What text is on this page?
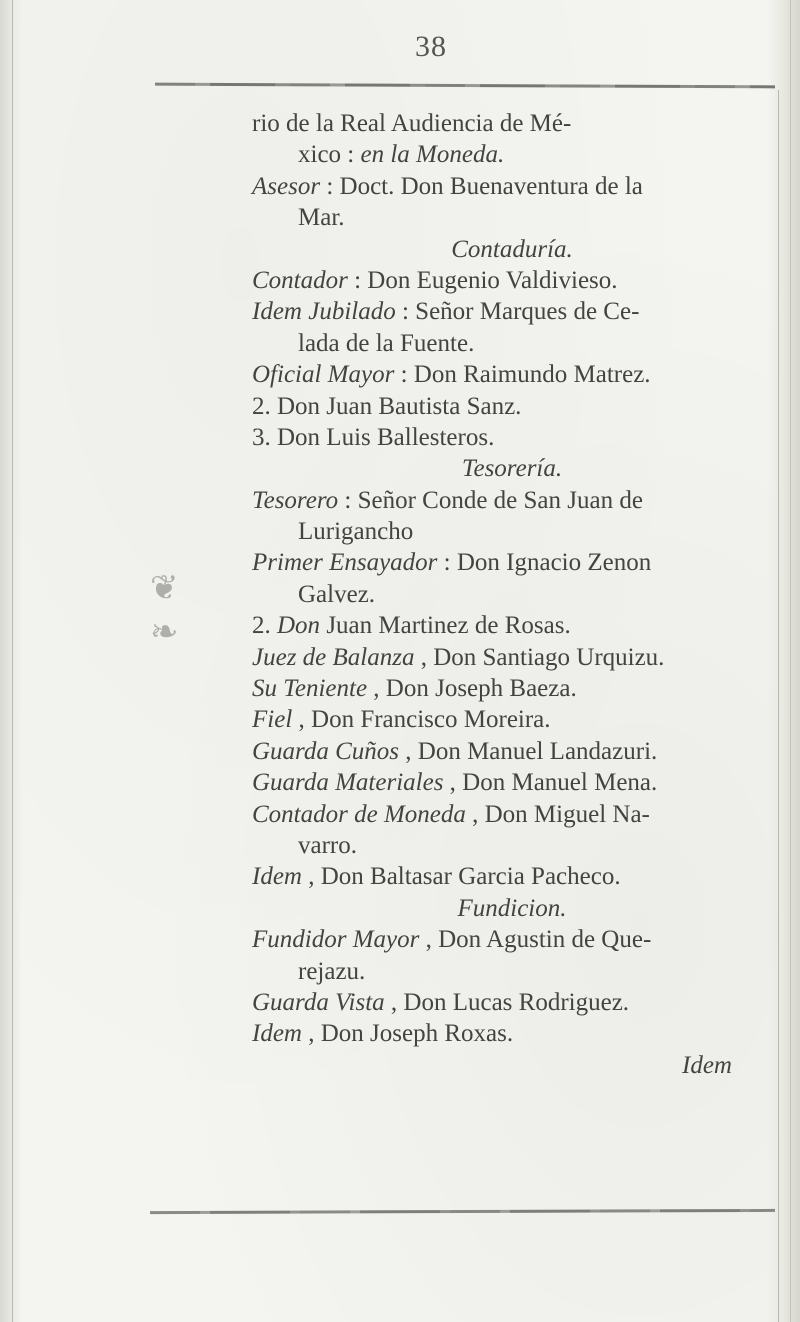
38
❦
❧
rio de la Real Audiencia de Mé-
xico : en la Moneda.
Asesor : Doct. Don Buenaventura de la
Mar.
Contaduría.
Contador : Don Eugenio Valdivieso.
Idem Jubilado : Señor Marques de Ce-
lada de la Fuente.
Oficial Mayor : Don Raimundo Matrez.
2. Don Juan Bautista Sanz.
3. Don Luis Ballesteros.
Tesorería.
Tesorero : Señor Conde de San Juan de
Lurigancho
Primer Ensayador : Don Ignacio Zenon
Galvez.
2. Don Juan Martinez de Rosas.
Juez de Balanza , Don Santiago Urquizu.
Su Teniente , Don Joseph Baeza.
Fiel , Don Francisco Moreira.
Guarda Cuños , Don Manuel Landazuri.
Guarda Materiales , Don Manuel Mena.
Contador de Moneda , Don Miguel Na-
varro.
Idem , Don Baltasar Garcia Pacheco.
Fundicion.
Fundidor Mayor , Don Agustin de Que-
rejazu.
Guarda Vista , Don Lucas Rodriguez.
Idem , Don Joseph Roxas.
Idem
